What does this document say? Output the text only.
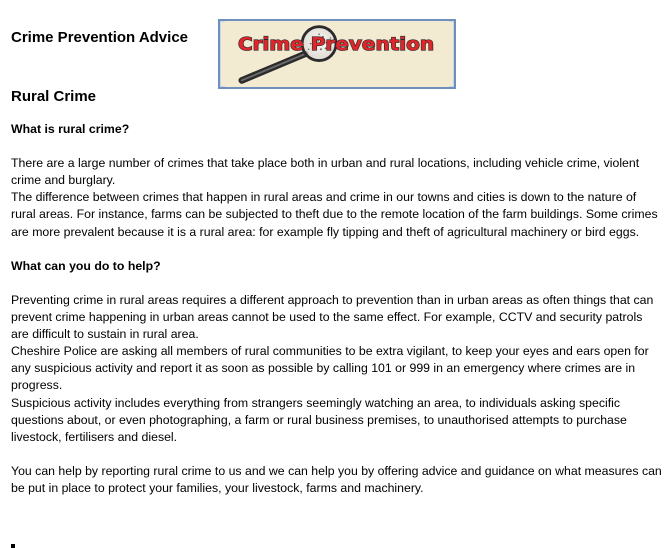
Crime Prevention Advice	Crime Prevention
Rural Crime
What is rural crime?

There are a large number of crimes that take place both in urban and rural locations, including vehicle crime, violent crime and burglary.

The difference between crimes that happen in rural areas and crime in our towns and cities is down to the nature of rural areas. For instance, farms can be subjected to theft due to the remote location of the farm buildings. Some crimes are more prevalent because it is a rural area: for example fly tipping and theft of agricultural machinery or bird eggs.

What can you do to help?

Preventing crime in rural areas requires a different approach to prevention than in urban areas as often things that can prevent crime happening in urban areas cannot be used to the same effect. For example, CCTV and security patrols are difficult to sustain in rural area.

Cheshire Police are asking all members of rural communities to be extra vigilant, to keep your eyes and ears open for any suspicious activity and report it as soon as possible by calling 101 or 999 in an emergency where crimes are in progress.

Suspicious activity includes everything from strangers seemingly watching an area, to individuals asking specific questions about, or even photographing, a farm or rural business premises, to unauthorised attempts to purchase livestock, fertilisers and diesel.

You can help by reporting rural crime to us and we can help you by offering advice and guidance on what measures can be put in place to protect your families, your livestock, farms and machinery.
